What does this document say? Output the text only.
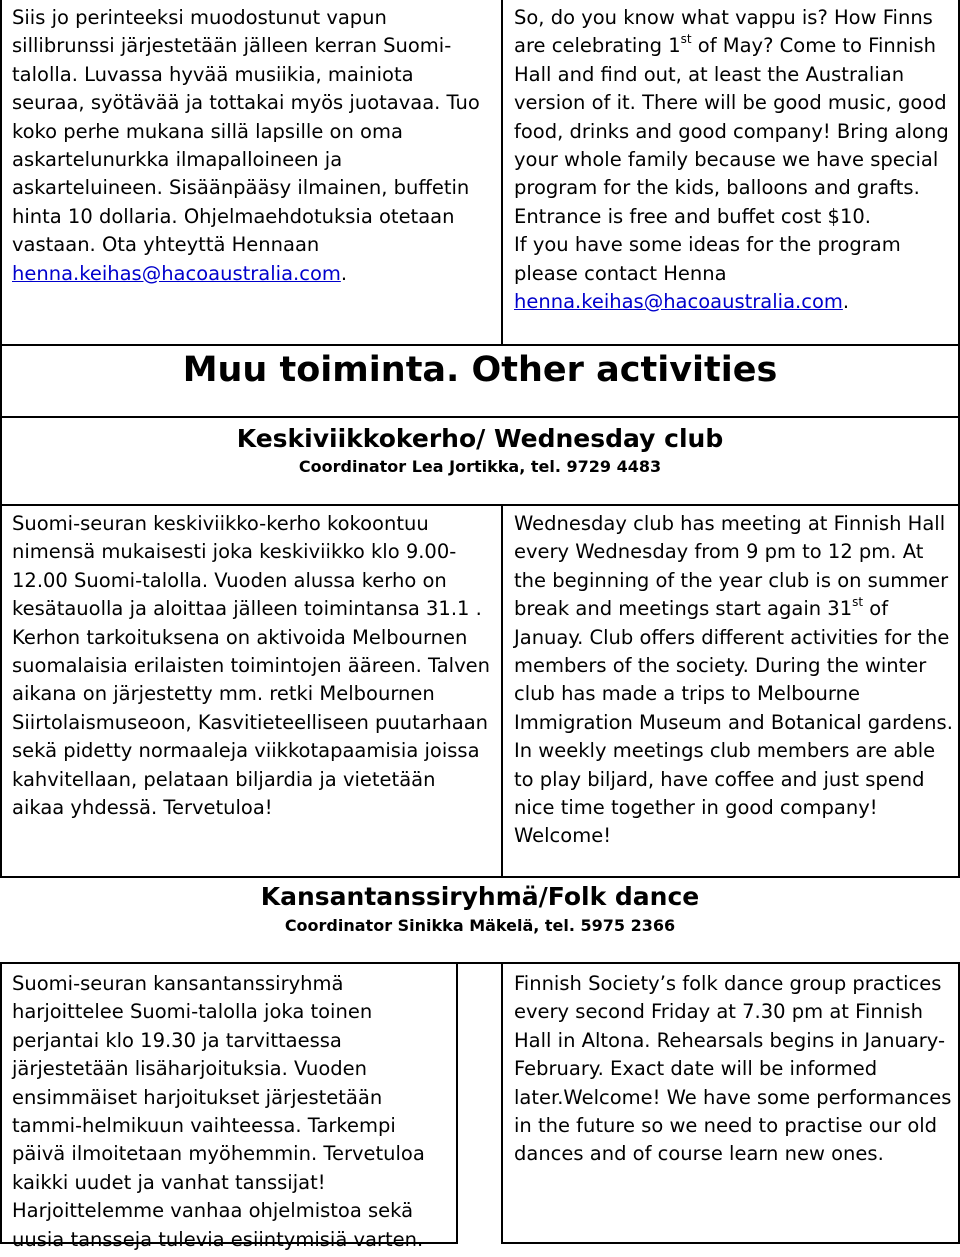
Siis jo perinteeksi muodostunut vapun sillibrunssi järjestetään jälleen kerran Suomi-talolla. Luvassa hyvää musiikia, mainiota seuraa, syötävää ja tottakai myös juotavaa. Tuo koko perhe mukana sillä lapsille on oma askartelunurkka ilmapalloineen ja askarteluineen. Sisäänpääsy ilmainen, buffetin hinta 10 dollaria. Ohjelmaehdotuksia otetaan vastaan. Ota yhteyttä Hennaan henna.keihas@hacoaustralia.com.

So, do you know what vappu is? How Finns are celebrating 1st of May? Come to Finnish Hall and find out, at least the Australian version of it. There will be good music, good food, drinks and good company! Bring along your whole family because we have special program for the kids, balloons and grafts. Entrance is free and buffet cost $10.

If you have some ideas for the program please contact Henna henna.keihas@hacoaustralia.com.

Muu toiminta. Other activities
Keskiviikkokerho/ Wednesday club
Coordinator Lea Jortikka, tel. 9729 4483

Suomi-seuran keskiviikko-kerho kokoontuu nimensä mukaisesti joka keskiviikko klo 9.00-12.00 Suomi-talolla. Vuoden alussa kerho on kesätauolla ja aloittaa jälleen toimintansa 31.1 . Kerhon tarkoituksena on aktivoida Melbournen suomalaisia erilaisten toimintojen ääreen. Talven aikana on järjestetty mm. retki Melbournen Siirtolaismuseoon, Kasvitieteelliseen puutarhaan sekä pidetty normaaleja viikkotapaamisia joissa kahvitellaan, pelataan biljardia ja vietetään aikaa yhdessä. Tervetuloa!

Wednesday club has meeting at Finnish Hall every Wednesday from 9 pm to 12 pm. At the beginning of the year club is on summer break and meetings start again 31st of Januay. Club offers different activities for the members of the society. During the winter club has made a trips to Melbourne Immigration Museum and Botanical gardens. In weekly meetings club members are able to play biljard, have coffee and just spend nice time together in good company! Welcome!

Kansantanssiryhmä/Folk dance
Coordinator Sinikka Mäkelä, tel. 5975 2366

Suomi-seuran kansantanssiryhmä harjoittelee Suomi-talolla joka toinen perjantai klo 19.30 ja tarvittaessa järjestetään lisäharjoituksia. Vuoden ensimmäiset harjoitukset järjestetään tammi-helmikuun vaihteessa. Tarkempi päivä ilmoitetaan myöhemmin. Tervetuloa kaikki uudet ja vanhat tanssijat! Harjoittelemme vanhaa ohjelmistoa sekä uusia tansseja tulevia esiintymisiä varten.

Finnish Society’s folk dance group practices every second Friday at 7.30 pm at Finnish Hall in Altona. Rehearsals begins in January-February. Exact date will be informed later.Welcome! We have some performances in the future so we need to practise our old dances and of course learn new ones.
